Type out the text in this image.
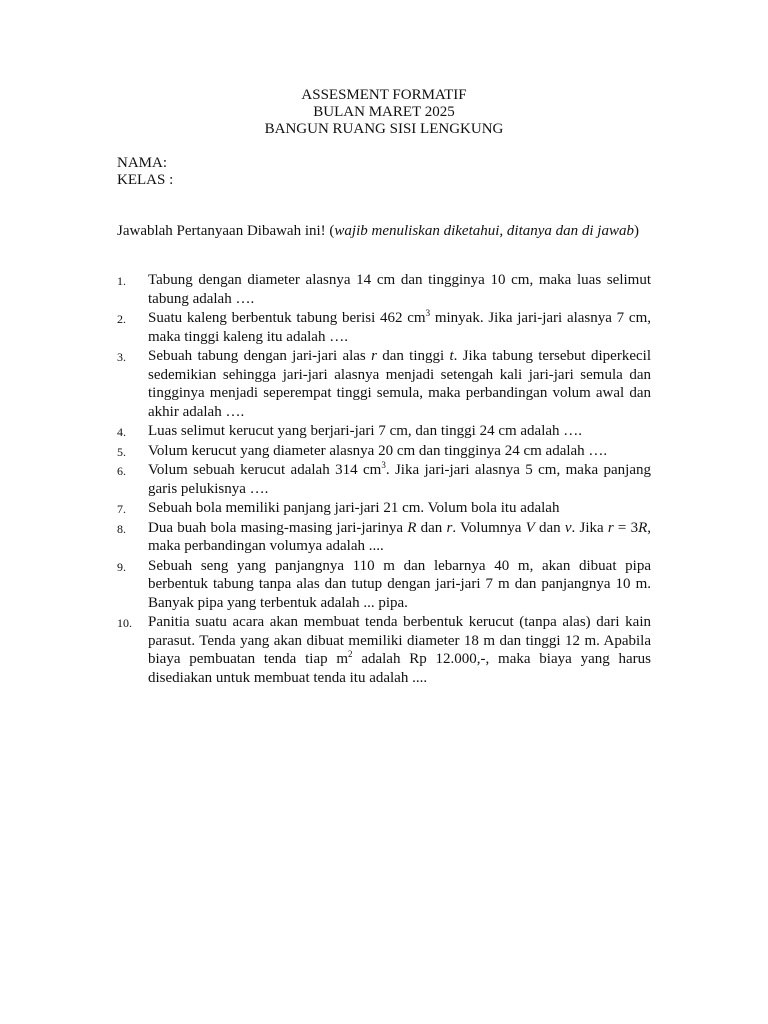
ASSESMENT FORMATIF
BULAN MARET 2025
BANGUN RUANG SISI LENGKUNG
NAMA:
KELAS :
Jawablah Pertanyaan Dibawah ini! (wajib menuliskan diketahui, ditanya dan di jawab)
1. Tabung dengan diameter alasnya 14 cm dan tingginya 10 cm, maka luas selimut tabung adalah ….
2. Suatu kaleng berbentuk tabung berisi 462 $cm^3$ minyak. Jika jari-jari alasnya 7 cm, maka tinggi kaleng itu adalah ….
3. Sebuah tabung dengan jari-jari alas r dan tinggi t. Jika tabung tersebut diperkecil sedemikian sehingga jari-jari alasnya menjadi setengah kali jari-jari semula dan tingginya menjadi seperempat tinggi semula, maka perbandingan volum awal dan akhir adalah ….
4. Luas selimut kerucut yang berjari-jari 7 cm, dan tinggi 24 cm adalah ….
5. Volum kerucut yang diameter alasnya 20 cm dan tingginya 24 cm adalah ….
6. Volum sebuah kerucut adalah 314 $cm^3$. Jika jari-jari alasnya 5 cm, maka panjang garis pelukisnya ….
7. Sebuah bola memiliki panjang jari-jari 21 cm. Volum bola itu adalah
8. Dua buah bola masing-masing jari-jarinya R dan r. Volumnya V dan v. Jika r = 3R, maka perbandingan volumya adalah ....
9. Sebuah seng yang panjangnya 110 m dan lebarnya 40 m, akan dibuat pipa berbentuk tabung tanpa alas dan tutup dengan jari-jari 7 m dan panjangnya 10 m. Banyak pipa yang terbentuk adalah ... pipa.
10. Panitia suatu acara akan membuat tenda berbentuk kerucut (tanpa alas) dari kain parasut. Tenda yang akan dibuat memiliki diameter 18 m dan tinggi 12 m. Apabila biaya pembuatan tenda tiap $m^2$ adalah Rp 12.000,-, maka biaya yang harus disediakan untuk membuat tenda itu adalah ....
